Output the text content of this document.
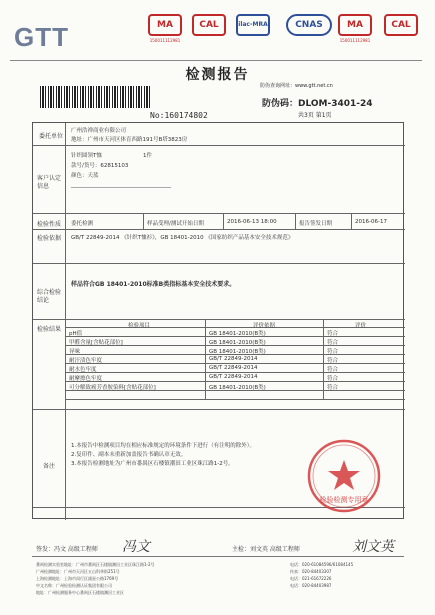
GTT	MA
150011112981
CAL	ilac-MRA	CNAS	MA
150011112981
CAL
检测报告
No:160174802
防伪查询网址：www.gtt.net.cn
防伪码：DLOM-3401-24
共3页 第1页
委托单位
广州浩禅商业有限公司
地址：广州市天河区体育西路191号B塔3823房
客户认定信息
针织圆领T恤	1件
款号/货号：62815103
颜色：天蓝
检验性质 委托检测	样品受理/测试开始日期	2016-06-13 18:00	报告签发日期	2016-06-17
检验依据 GB/T 22849-2014 《针织T恤衫》，GB 18401-2010 《国家纺织产品基本安全技术规范》
综合检验结论
样品符合GB 18401-2010标准B类指标基本安全技术要求。
检验结果	检验项目	评价依据	评价
pH值	GB 18401-2010(B类)	符合
甲醛含量[含贴花部位]	GB 18401-2010(B类)	符合
异味	GB 18401-2010(B类)	符合
耐汗渍色牢度	GB/T 22849-2014	符合
耐水色牢度	GB/T 22849-2014	符合
耐摩擦色牢度	GB/T 22849-2014	符合
可分解致癌芳香胺染料[含贴花部位]	GB 18401-2010(B类)	符合
备注
1.本报告中检测项目均在相应标准规定的环境条件下进行（有注明的除外）。
2.复印件、副本未重新加盖报告书确认章无效。
3.本报告检测地址为广州市番禺区石楼镇潮田工业区珠江路1-2号。
检验检测专用章
签发：冯文 高级工程师 冯文	主检：刘文英 高级工程师	刘文英
番禺检测实验室地址：广州市番禺区石楼镇潮田工业区珠江路1-2号
广州检测地址：广州市天河区五山科华街251号
上海检测地址：上海市闵行区浦星公路1769号
中文名称：广州检验检测认证集团有限公司
地址：广州检测服务中心番禺区石楼镇潮田工业区
电话：020-61084596/61084145
传真：020-84403307
电话：021-61672226
电话：020-84403987
